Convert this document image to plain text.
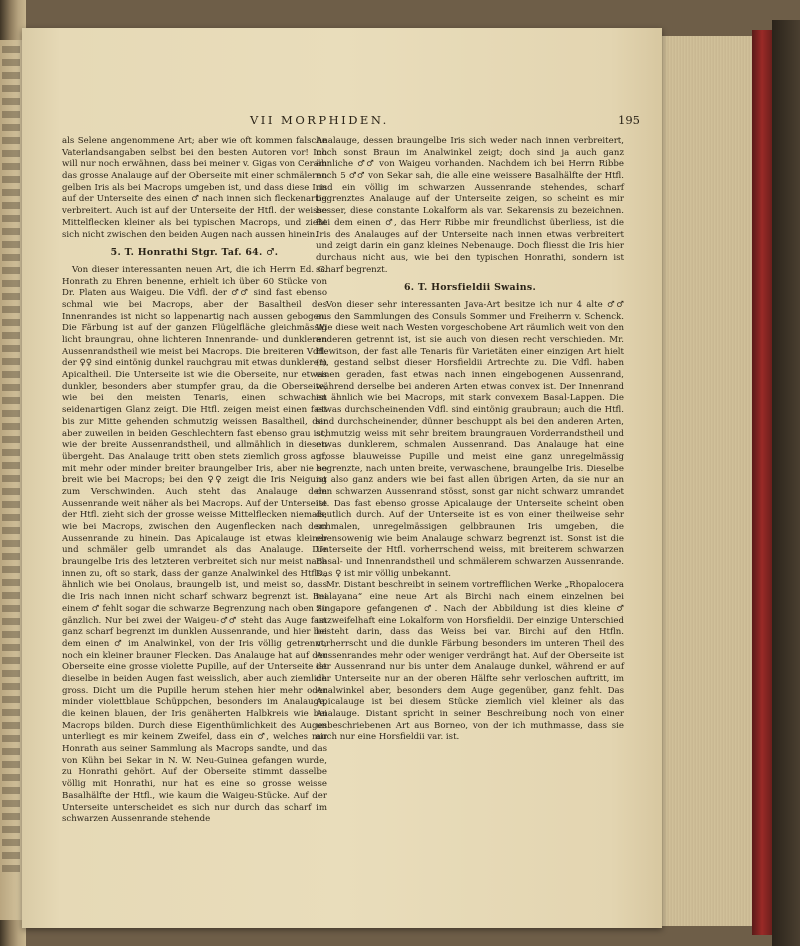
VII MORPHIDEN.	195

als Selene angenommene Art; aber wie oft kommen falsche Vaterlandsangaben selbst bei den besten Autoren vor! Ich will nur noch erwähnen, dass bei meiner v. Gigas von Ceram das grosse Analauge auf der Oberseite mit einer schmäleren gelben Iris als bei Macrops umgeben ist, und dass diese Iris auf der Unterseite des einen ♂ nach innen sich fleckenartig verbreitert. Auch ist auf der Unterseite der Htfl. der weisse Mittelflecken kleiner als bei typischen Macrops, und zieht sich nicht zwischen den beiden Augen nach aussen hinein.

5. T. Honrathi Stgr. Taf. 64. ♂.

Von dieser interessanten neuen Art, die ich Herrn Ed. G. Honrath zu Ehren benenne, erhielt ich über 60 Stücke von Dr. Platen aus Waigeu. Die Vdfl. der ♂♂ sind fast ebenso schmal wie bei Macrops, aber der Basaltheil des Innenrandes ist nicht so lappenartig nach aussen gebogen. Die Färbung ist auf der ganzen Flügelfläche gleichmässig licht braungrau, ohne lichteren Innenrande- und dunkleren Aussenrandstheil wie meist bei Macrops. Die breiteren Vdfl. der ♀♀ sind eintönig dunkel rauchgrau mit etwas dunklerem Apicaltheil. Die Unterseite ist wie die Oberseite, nur etwas dunkler, besonders aber stumpfer grau, da die Oberseite, wie bei den meisten Tenaris, einen schwachen seidenartigen Glanz zeigt. Die Htfl. zeigen meist einen fast bis zur Mitte gehenden schmutzig weissen Basaltheil, der aber zuweilen in beiden Geschlechtern fast ebenso grau ist, wie der breite Aussenrandstheil, und allmählich in diesen übergeht. Das Analauge tritt oben stets ziemlich gross auf, mit mehr oder minder breiter braungelber Iris, aber nie so breit wie bei Macrops; bei den ♀♀ zeigt die Iris Neigung zum Verschwinden. Auch steht das Analauge dem Aussenrande weit näher als bei Macrops. Auf der Unterseite der Htfl. zieht sich der grosse weisse Mittelflecken niemals, wie bei Macrops, zwischen den Augenflecken nach dem Aussenrande zu hinein. Das Apicalauge ist etwas kleiner und schmäler gelb umrandet als das Analauge. Die braungelbe Iris des letzteren verbreitet sich nur meist nach innen zu, oft so stark, dass der ganze Analwinkel des Htfls., ähnlich wie bei Onolaus, braungelb ist, und meist so, dass die Iris nach innen nicht scharf schwarz begrenzt ist. Bei einem ♂ fehlt sogar die schwarze Begrenzung nach oben zu gänzlich. Nur bei zwei der Waigeu-♂♂ steht das Auge fast ganz scharf begrenzt im dunklen Aussenrande, und hier bei dem einen ♂ im Analwinkel, von der Iris völlig getrennt, noch ein kleiner brauner Flecken. Das Analauge hat auf der Oberseite eine grosse violette Pupille, auf der Unterseite ist dieselbe in beiden Augen fast weisslich, aber auch ziemlich gross. Dicht um die Pupille herum stehen hier mehr oder minder violettblaue Schüppchen, besonders im Analauge, die keinen blauen, der Iris genäherten Halbkreis wie bei Macrops bilden. Durch diese Eigenthümlichkeit des Auges unterliegt es mir keinem Zweifel, dass ein ♂, welches mir Honrath aus seiner Sammlung als Macrops sandte, und das von Kühn bei Sekar in N. W. Neu-Guinea gefangen wurde, zu Honrathi gehört. Auf der Oberseite stimmt dasselbe völlig mit Honrathi, nur hat es eine so grosse weisse Basalhälfte der Htfl., wie kaum die Waigeu-Stücke. Auf der Unterseite unterscheidet es sich nur durch das scharf im schwarzen Aussenrande stehende

Analauge, dessen braungelbe Iris sich weder nach innen verbreitert, noch sonst Braun im Analwinkel zeigt; doch sind ja auch ganz ähnliche ♂♂ von Waigeu vorhanden. Nachdem ich bei Herrn Ribbe noch 5 ♂♂ von Sekar sah, die alle eine weissere Basalhälfte der Htfl. und ein völlig im schwarzen Aussenrande stehendes, scharf begrenztes Analauge auf der Unterseite zeigen, so scheint es mir besser, diese constante Lokalform als var. Sekarensis zu bezeichnen. Bei dem einen ♂, das Herr Ribbe mir freundlichst überliess, ist die Iris des Analauges auf der Unterseite nach innen etwas verbreitert und zeigt darin ein ganz kleines Nebenauge. Doch fliesst die Iris hier durchaus nicht aus, wie bei den typischen Honrathi, sondern ist scharf begrenzt.

6. T. Horsfieldii Swains.

Von dieser sehr interessanten Java-Art besitze ich nur 4 alte ♂♂ aus den Sammlungen des Consuls Sommer und Freiherrn v. Schenck. Wie diese weit nach Westen vorgeschobene Art räumlich weit von den anderen getrennt ist, ist sie auch von diesen recht verschieden. Mr. Hewitson, der fast alle Tenaris für Varietäten einer einzigen Art hielt (!), gestand selbst dieser Horsfieldii Artrechte zu. Die Vdfl. haben einen geraden, fast etwas nach innen eingebogenen Aussenrand, während derselbe bei anderen Arten etwas convex ist. Der Innenrand ist ähnlich wie bei Macrops, mit stark convexem Basal-Lappen. Die etwas durchscheinenden Vdfl. sind eintönig graubraun; auch die Htfl. sind durchscheinender, dünner beschuppt als bei den anderen Arten, schmutzig weiss mit sehr breitem braungrauen Vorderrandstheil und etwas dunklerem, schmalen Aussenrand. Das Analauge hat eine grosse blauweisse Pupille und meist eine ganz unregelmässig begrenzte, nach unten breite, verwaschene, braungelbe Iris. Dieselbe ist also ganz anders wie bei fast allen übrigen Arten, da sie nur an den schwarzen Aussenrand stösst, sonst gar nicht schwarz umrandet ist. Das fast ebenso grosse Apicalauge der Unterseite scheint oben deutlich durch. Auf der Unterseite ist es von einer theilweise sehr schmalen, unregelmässigen gelbbraunen Iris umgeben, die ebensowenig wie beim Analauge schwarz begrenzt ist. Sonst ist die Unterseite der Htfl. vorherrschend weiss, mit breiterem schwarzen Basal- und Innenrandstheil und schmälerem schwarzen Aussenrande. Das ♀ ist mir völlig unbekannt.

Mr. Distant beschreibt in seinem vortrefflichen Werke „Rhopalocera malayana“ eine neue Art als Birchi nach einem einzelnen bei Singapore gefangenen ♂. Nach der Abbildung ist dies kleine ♂ unzweifelhaft eine Lokalform von Horsfieldii. Der einzige Unterschied besteht darin, dass das Weiss bei var. Birchi auf den Htfln. vorherrscht und die dunkle Färbung besonders im unteren Theil des Aussenrandes mehr oder weniger verdrängt hat. Auf der Oberseite ist der Aussenrand nur bis unter dem Analauge dunkel, während er auf der Unterseite nur an der oberen Hälfte sehr verloschen auftritt, im Analwinkel aber, besonders dem Auge gegenüber, ganz fehlt. Das Apicalauge ist bei diesem Stücke ziemlich viel kleiner als das Analauge. Distant spricht in seiner Beschreibung noch von einer unbeschriebenen Art aus Borneo, von der ich muthmasse, dass sie auch nur eine Horsfieldii var. ist.
